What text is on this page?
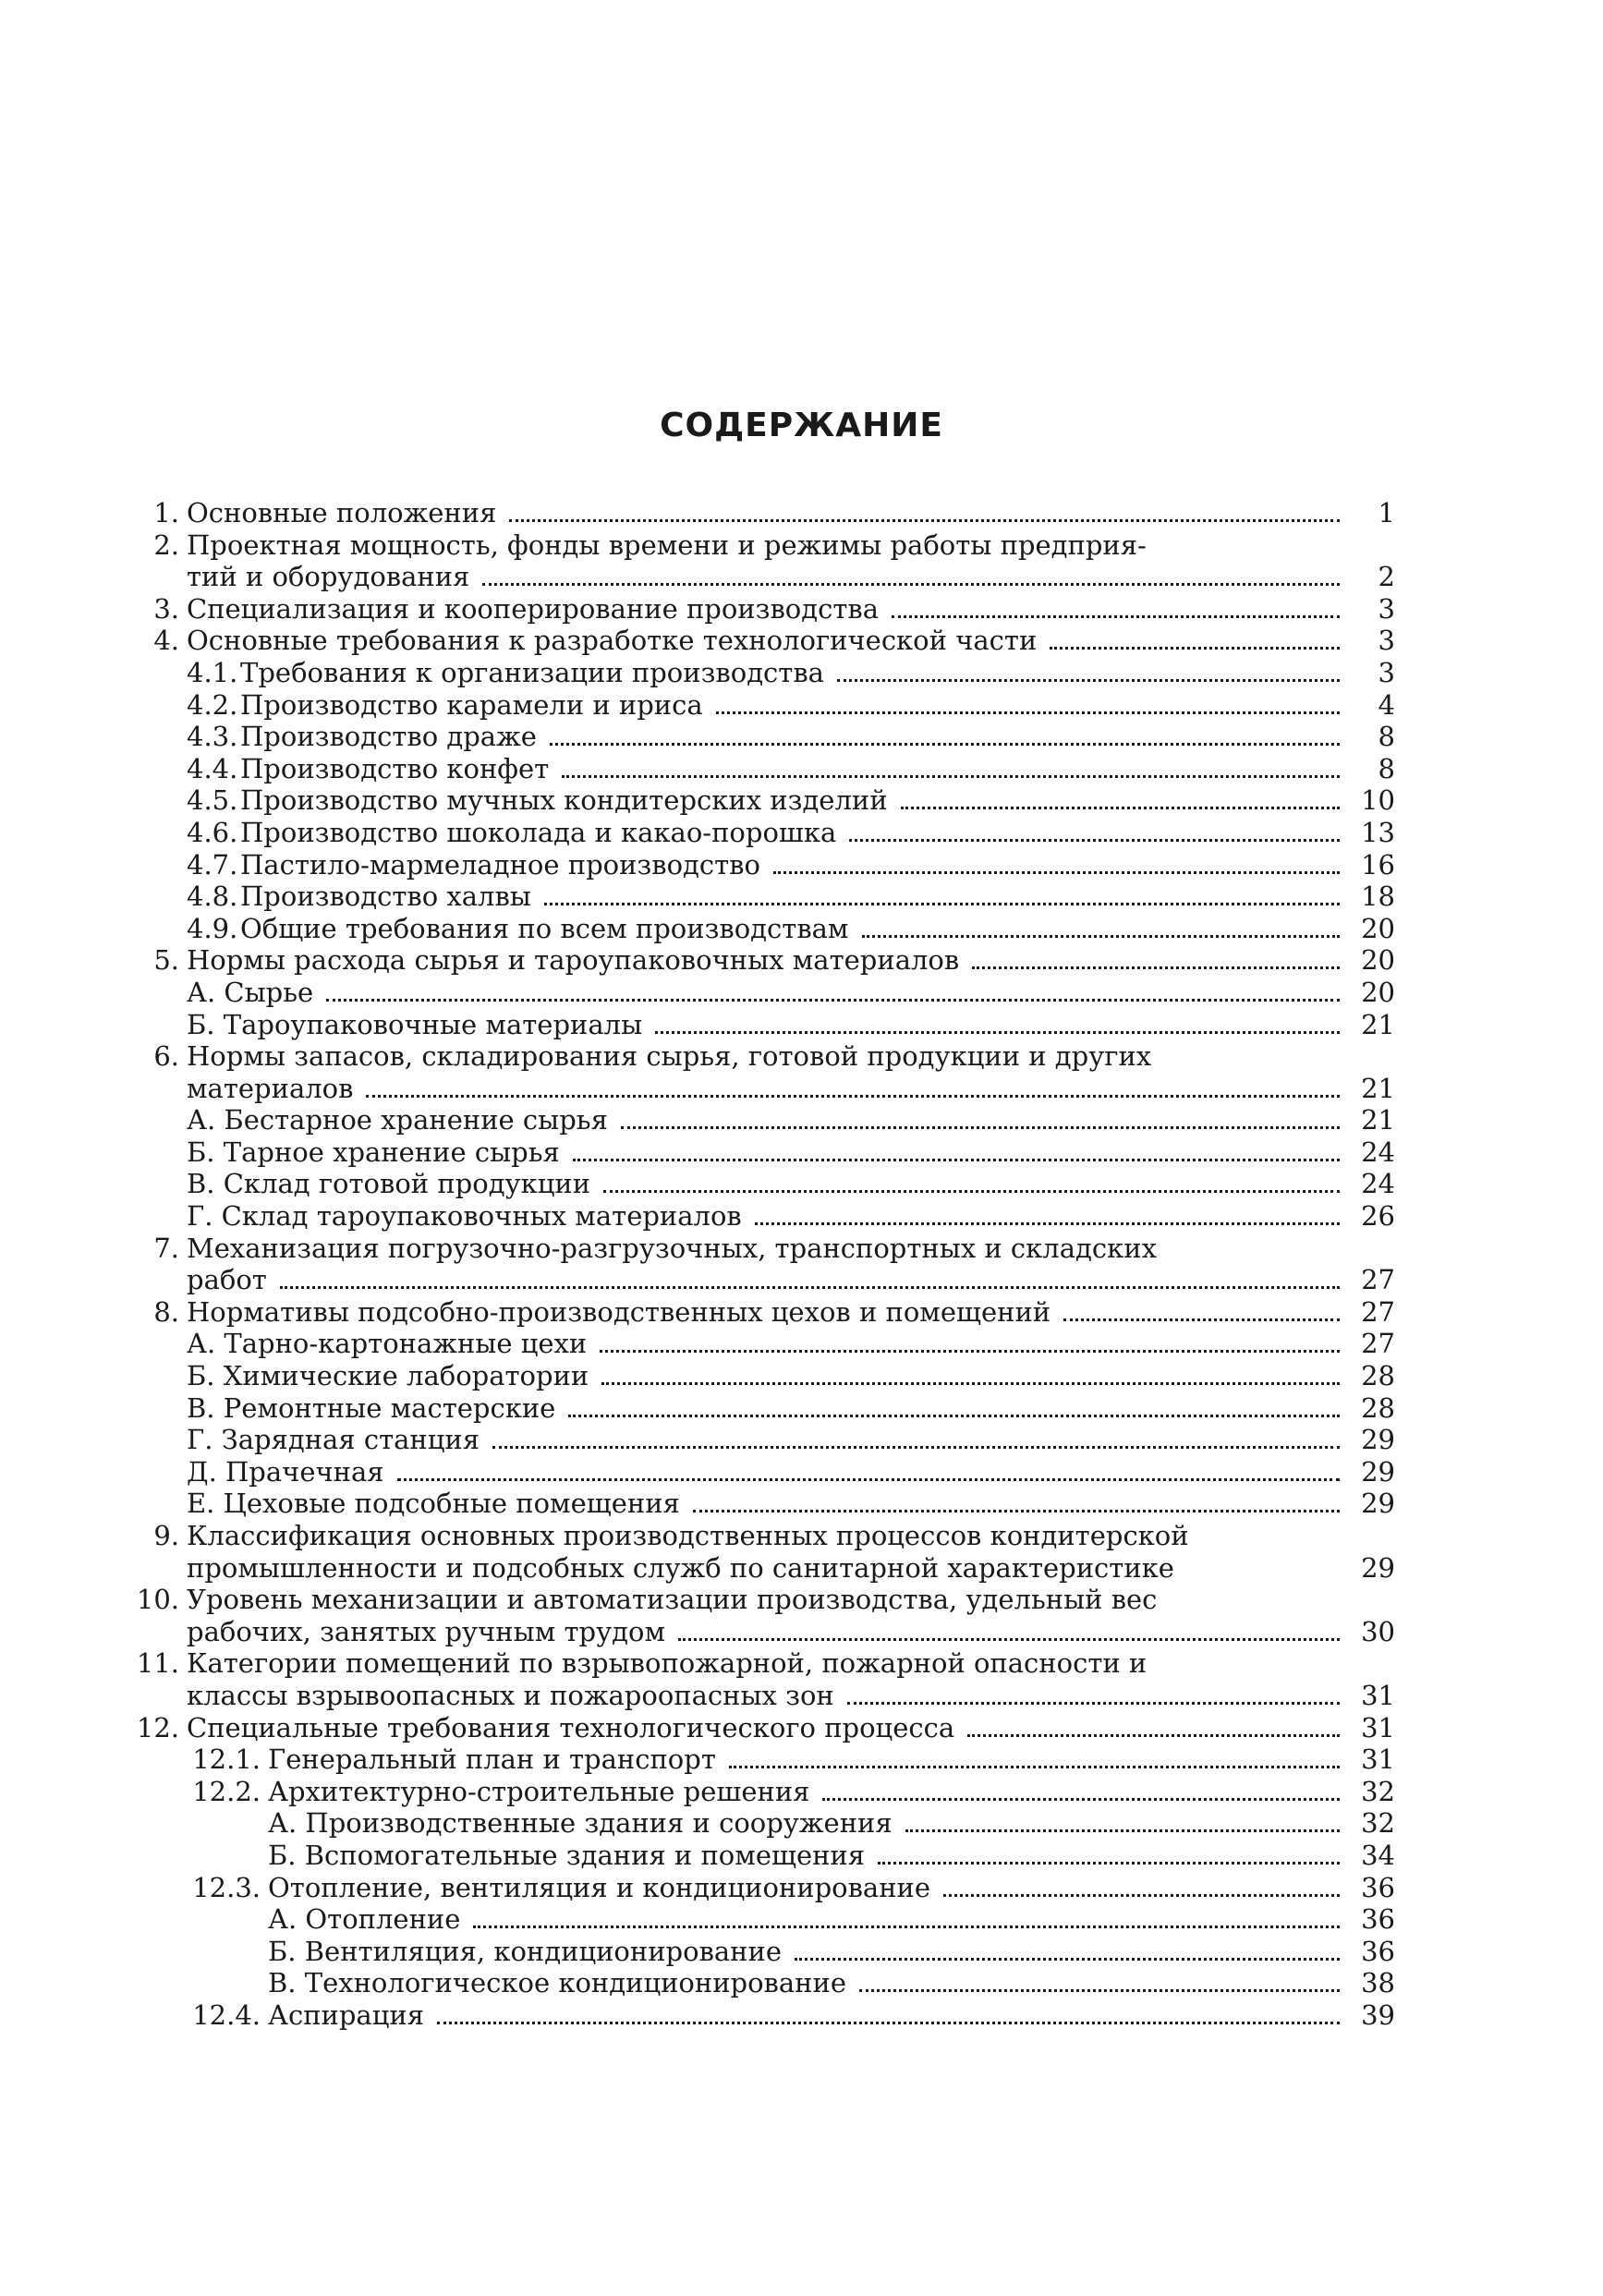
СОДЕРЖАНИЕ
1. Основные положения	1
2. Проектная мощность, фонды времени и режимы работы предприя-
тий и оборудования	2
3. Специализация и кооперирование производства	3
4. Основные требования к разработке технологической части	3
4.1. Требования к организации производства	3
4.2. Производство карамели и ириса	4
4.3. Производство драже	8
4.4. Производство конфет	8
4.5. Производство мучных кондитерских изделий	10
4.6. Производство шоколада и какао-порошка	13
4.7. Пастило-мармеладное производство	16
4.8. Производство халвы	18
4.9. Общие требования по всем производствам	20
5. Нормы расхода сырья и тароупаковочных материалов	20
А. Сырье	20
Б. Тароупаковочные материалы	21
6. Нормы запасов, складирования сырья, готовой продукции и других
материалов	21
А. Бестарное хранение сырья	21
Б. Тарное хранение сырья	24
В. Склад готовой продукции	24
Г. Склад тароупаковочных материалов	26
7. Механизация погрузочно-разгрузочных, транспортных и складских
работ	27
8. Нормативы подсобно-производственных цехов и помещений	27
А. Тарно-картонажные цехи	27
Б. Химические лаборатории	28
В. Ремонтные мастерские	28
Г. Зарядная станция	29
Д. Прачечная	29
Е. Цеховые подсобные помещения	29
9. Классификация основных производственных процессов кондитерской
промышленности и подсобных служб по санитарной характеристике	29
10. Уровень механизации и автоматизации производства, удельный вес
рабочих, занятых ручным трудом	30
11. Категории помещений по взрывопожарной, пожарной опасности и
классы взрывоопасных и пожароопасных зон	31
12. Специальные требования технологического процесса	31
12.1. Генеральный план и транспорт	31
12.2. Архитектурно-строительные решения	32
А. Производственные здания и сооружения	32
Б. Вспомогательные здания и помещения	34
12.3. Отопление, вентиляция и кондиционирование	36
А. Отопление	36
Б. Вентиляция, кондиционирование	36
В. Технологическое кондиционирование	38
12.4. Аспирация	39
